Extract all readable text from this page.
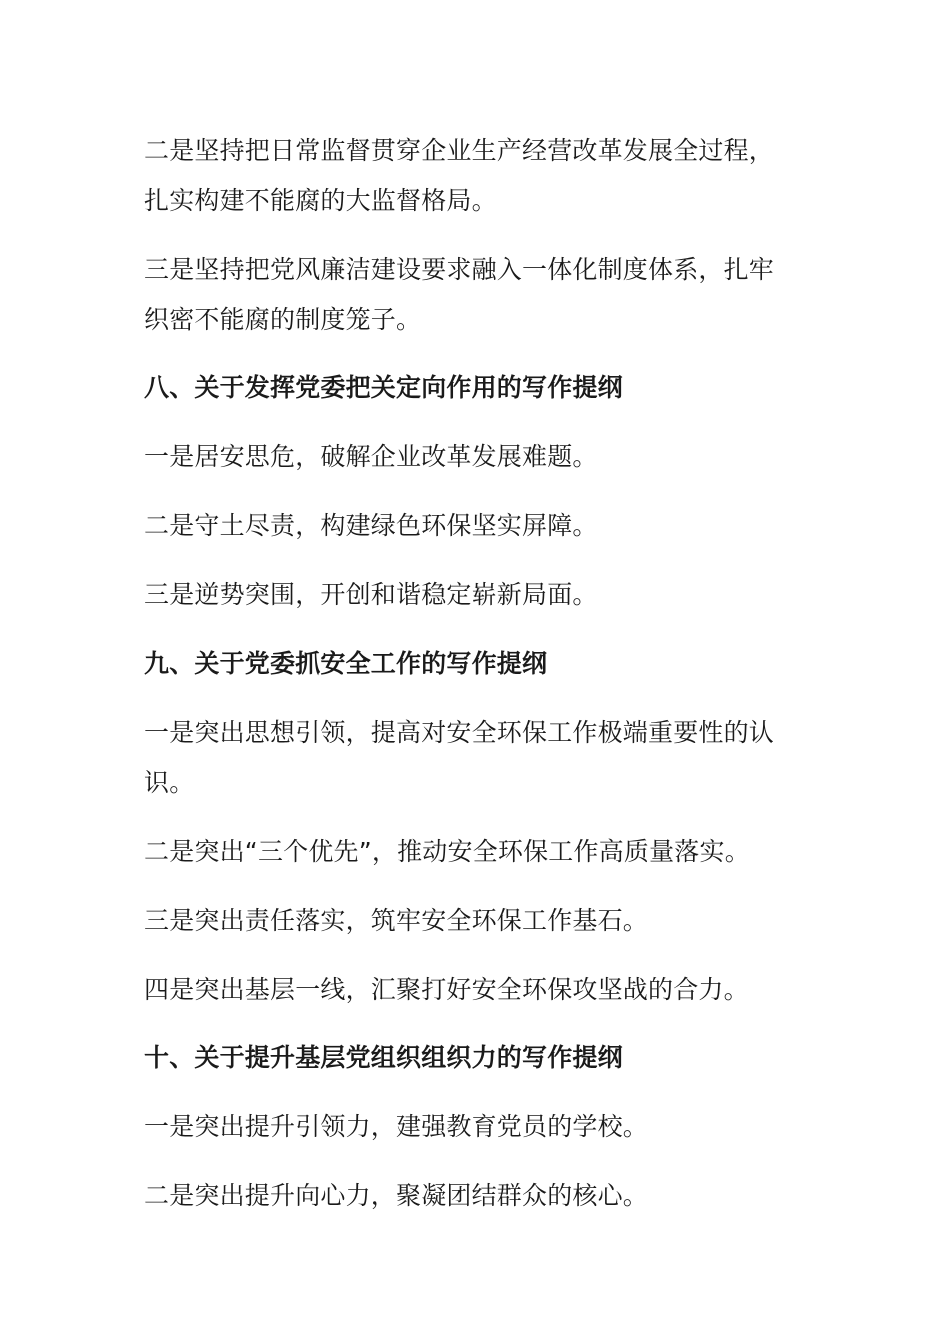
二是坚持把日常监督贯穿企业生产经营改革发展全过程，
扎实构建不能腐的大监督格局。
三是坚持把党风廉洁建设要求融入一体化制度体系，扎牢
织密不能腐的制度笼子。
八、关于发挥党委把关定向作用的写作提纲
一是居安思危，破解企业改革发展难题。
二是守土尽责，构建绿色环保坚实屏障。
三是逆势突围，开创和谐稳定崭新局面。
九、关于党委抓安全工作的写作提纲
一是突出思想引领，提高对安全环保工作极端重要性的认
识。
二是突出“三个优先”，推动安全环保工作高质量落实。
三是突出责任落实，筑牢安全环保工作基石。
四是突出基层一线，汇聚打好安全环保攻坚战的合力。
十、关于提升基层党组织组织力的写作提纲
一是突出提升引领力，建强教育党员的学校。
二是突出提升向心力，聚凝团结群众的核心。
